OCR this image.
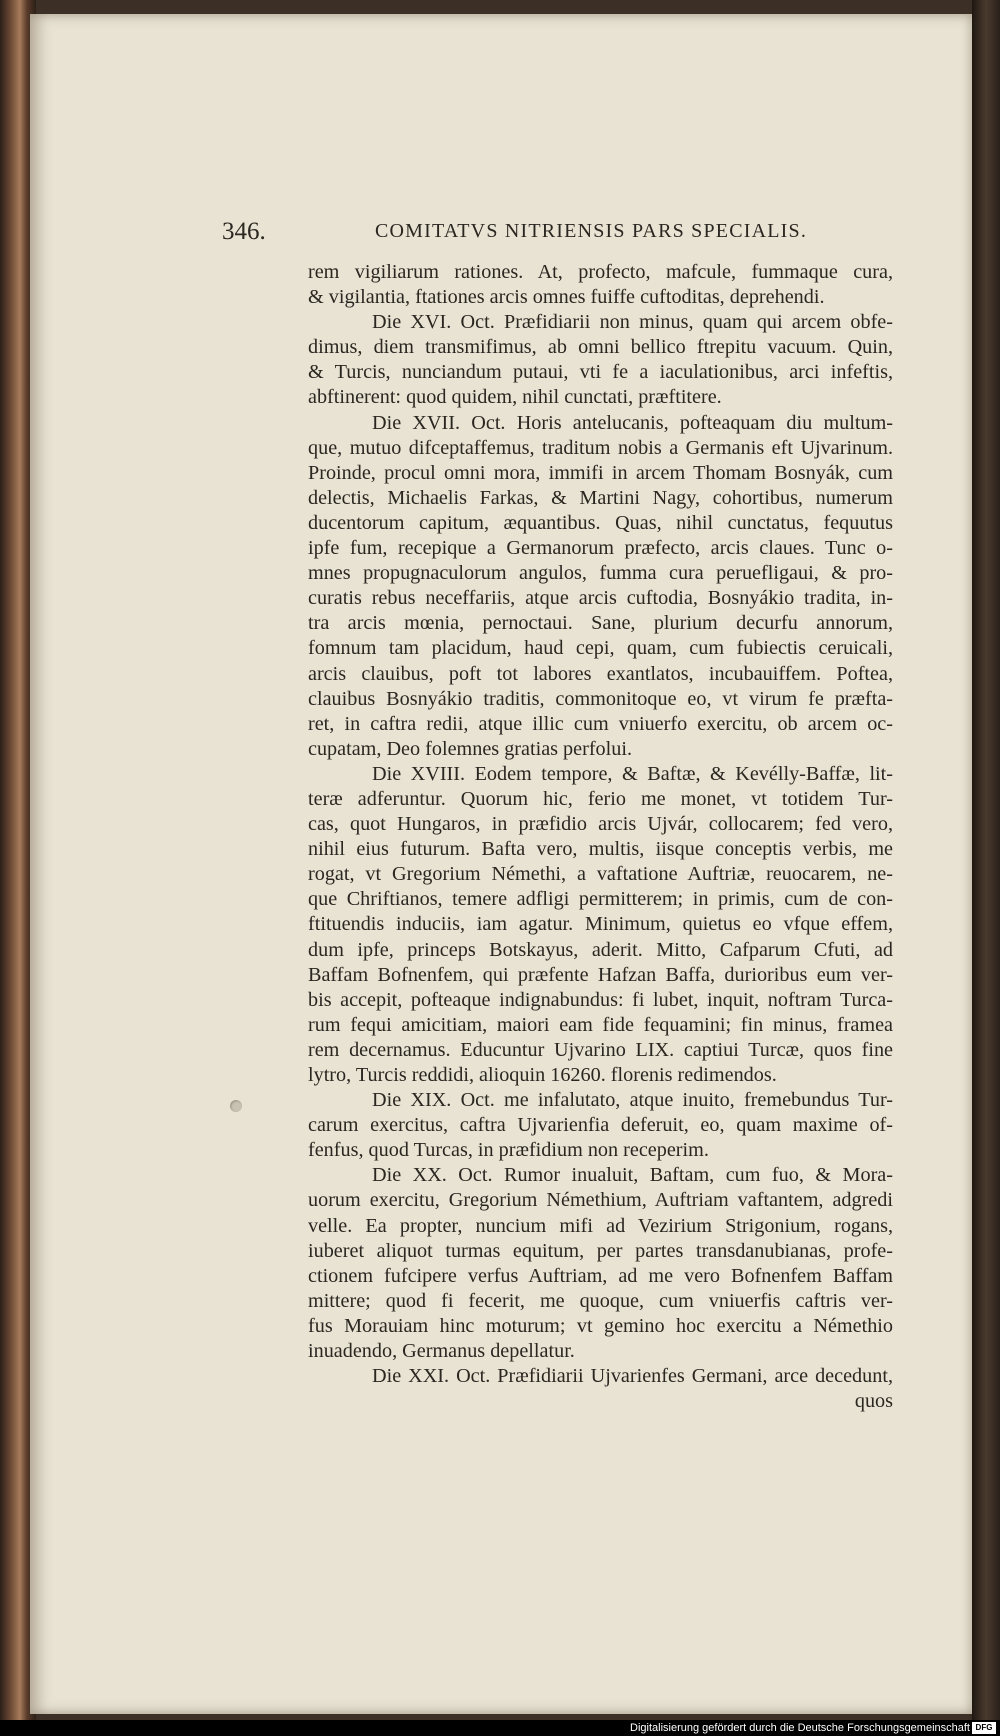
346.	COMITATVS NITRIENSIS PARS SPECIALIS.
rem vigiliarum rationes. At, profecto, mafcule, fummaque cura,
& vigilantia, ftationes arcis omnes fuiffe cuftoditas, deprehendi.
Die XVI. Oct. Præfidiarii non minus, quam qui arcem obfe-
dimus, diem transmifimus, ab omni bellico ftrepitu vacuum. Quin,
& Turcis, nunciandum putaui, vti fe a iaculationibus, arci infeftis,
abftinerent: quod quidem, nihil cunctati, præftitere.
Die XVII. Oct. Horis antelucanis, pofteaquam diu multum-
que, mutuo difceptaffemus, traditum nobis a Germanis eft Ujvarinum.
Proinde, procul omni mora, immifi in arcem Thomam Bosnyák, cum
delectis, Michaelis Farkas, & Martini Nagy, cohortibus, numerum
ducentorum capitum, æquantibus. Quas, nihil cunctatus, fequutus
ipfe fum, recepique a Germanorum præfecto, arcis claues. Tunc o-
mnes propugnaculorum angulos, fumma cura peruefligaui, & pro-
curatis rebus neceffariis, atque arcis cuftodia, Bosnyákio tradita, in-
tra arcis mœnia, pernoctaui. Sane, plurium decurfu annorum,
fomnum tam placidum, haud cepi, quam, cum fubiectis ceruicali,
arcis clauibus, poft tot labores exantlatos, incubauiffem. Poftea,
clauibus Bosnyákio traditis, commonitoque eo, vt virum fe præfta-
ret, in caftra redii, atque illic cum vniuerfo exercitu, ob arcem oc-
cupatam, Deo folemnes gratias perfolui.
Die XVIII. Eodem tempore, & Baftæ, & Kevélly-Baffæ, lit-
teræ adferuntur. Quorum hic, ferio me monet, vt totidem Tur-
cas, quot Hungaros, in præfidio arcis Ujvár, collocarem; fed vero,
nihil eius futurum. Bafta vero, multis, iisque conceptis verbis, me
rogat, vt Gregorium Némethi, a vaftatione Auftriæ, reuocarem, ne-
que Chriftianos, temere adfligi permitterem; in primis, cum de con-
ftituendis induciis, iam agatur. Minimum, quietus eo vfque effem,
dum ipfe, princeps Botskayus, aderit. Mitto, Cafparum Cfuti, ad
Baffam Bofnenfem, qui præfente Hafzan Baffa, durioribus eum ver-
bis accepit, pofteaque indignabundus: fi lubet, inquit, noftram Turca-
rum fequi amicitiam, maiori eam fide fequamini; fin minus, framea
rem decernamus. Educuntur Ujvarino LIX. captiui Turcæ, quos fine
lytro, Turcis reddidi, alioquin 16260. florenis redimendos.
Die XIX. Oct. me infalutato, atque inuito, fremebundus Tur-
carum exercitus, caftra Ujvarienfia deferuit, eo, quam maxime of-
fenfus, quod Turcas, in præfidium non receperim.
Die XX. Oct. Rumor inualuit, Baftam, cum fuo, & Mora-
uorum exercitu, Gregorium Némethium, Auftriam vaftantem, adgredi
velle. Ea propter, nuncium mifi ad Vezirium Strigonium, rogans,
iuberet aliquot turmas equitum, per partes transdanubianas, profe-
ctionem fufcipere verfus Auftriam, ad me vero Bofnenfem Baffam
mittere; quod fi fecerit, me quoque, cum vniuerfis caftris ver-
fus Morauiam hinc moturum; vt gemino hoc exercitu a Némethio
inuadendo, Germanus depellatur.
Die XXI. Oct. Præfidiarii Ujvarienfes Germani, arce decedunt,
quos
Digitalisierung gefördert durch die Deutsche Forschungsgemeinschaft DFG
